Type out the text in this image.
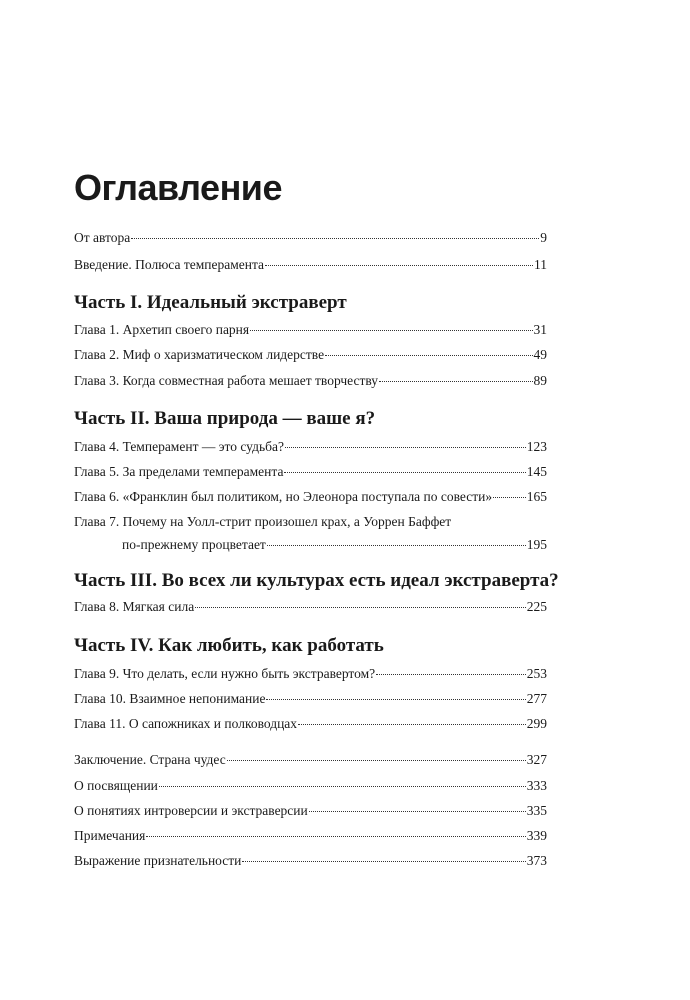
Оглавление
От автора	9
Введение. Полюса темперамента	11
Часть I. Идеальный экстраверт
Глава 1. Архетип своего парня	31
Глава 2. Миф о харизматическом лидерстве	49
Глава 3. Когда совместная работа мешает творчеству	89
Часть II. Ваша природа — ваше я?
Глава 4. Темперамент — это судьба?	123
Глава 5. За пределами темперамента	145
Глава 6. «Франклин был политиком, но Элеонора поступала по совести»	165
Глава 7. Почему на Уолл-стрит произошел крах, а Уоррен Баффет
по-прежнему процветает	195
Часть III. Во всех ли культурах есть идеал экстраверта?
Глава 8. Мягкая сила	225
Часть IV. Как любить, как работать
Глава 9. Что делать, если нужно быть экстравертом?	253
Глава 10. Взаимное непонимание	277
Глава 11. О сапожниках и полководцах	299
Заключение. Страна чудес	327
О посвящении	333
О понятиях интроверсии и экстраверсии	335
Примечания	339
Выражение признательности	373
